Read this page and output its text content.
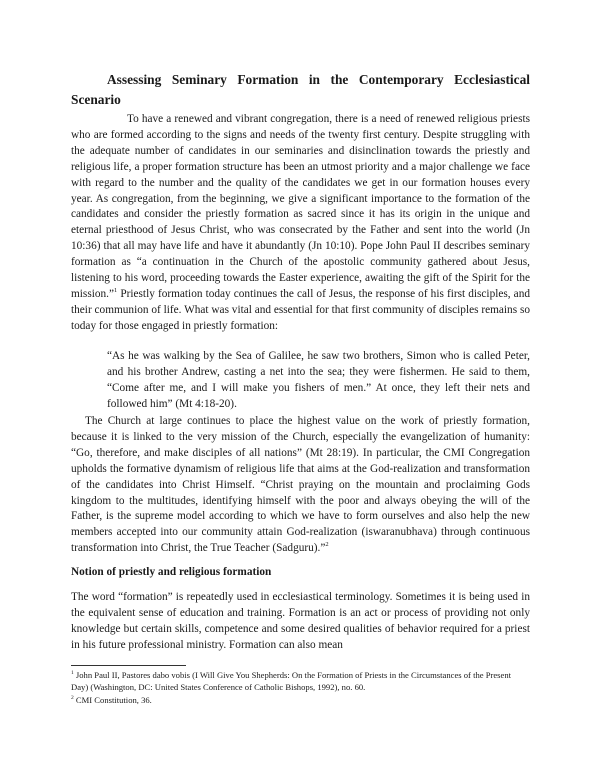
Assessing Seminary Formation in the Contemporary Ecclesiastical
Scenario

To have a renewed and vibrant congregation, there is a need of renewed religious priests who are formed according to the signs and needs of the twenty first century. Despite struggling with the adequate number of candidates in our seminaries and disinclination towards the priestly and religious life, a proper formation structure has been an utmost priority and a major challenge we face with regard to the number and the quality of the candidates we get in our formation houses every year. As congregation, from the beginning, we give a significant importance to the formation of the candidates and consider the priestly formation as sacred since it has its origin in the unique and eternal priesthood of Jesus Christ, who was consecrated by the Father and sent into the world (Jn 10:36) that all may have life and have it abundantly (Jn 10:10). Pope John Paul II describes seminary formation as “a continuation in the Church of the apostolic community gathered about Jesus, listening to his word, proceeding towards the Easter experience, awaiting the gift of the Spirit for the mission.”$^1$ Priestly formation today continues the call of Jesus, the response of his first disciples, and their communion of life. What was vital and essential for that first community of disciples remains so today for those engaged in priestly formation:

“As he was walking by the Sea of Galilee, he saw two brothers, Simon who is called Peter, and his brother Andrew, casting a net into the sea; they were fishermen. He said to them, “Come after me, and I will make you fishers of men.” At once, they left their nets and followed him” (Mt 4:18-20).

The Church at large continues to place the highest value on the work of priestly formation, because it is linked to the very mission of the Church, especially the evangelization of humanity: “Go, therefore, and make disciples of all nations” (Mt 28:19). In particular, the CMI Congregation upholds the formative dynamism of religious life that aims at the God-realization and transformation of the candidates into Christ Himself. “Christ praying on the mountain and proclaiming Gods kingdom to the multitudes, identifying himself with the poor and always obeying the will of the Father, is the supreme model according to which we have to form ourselves and also help the new members accepted into our community attain God-realization (iswaranubhava) through continuous transformation into Christ, the True Teacher (Sadguru).”$^2$

Notion of priestly and religious formation

The word “formation” is repeatedly used in ecclesiastical terminology. Sometimes it is being used in the equivalent sense of education and training. Formation is an act or process of providing not only knowledge but certain skills, competence and some desired qualities of behavior required for a priest in his future professional ministry. Formation can also mean

$^1$ John Paul II, Pastores dabo vobis (I Will Give You Shepherds: On the Formation of Priests in the Circumstances of the Present Day) (Washington, DC: United States Conference of Catholic Bishops, 1992), no. 60.

$^2$ CMI Constitution, 36.
